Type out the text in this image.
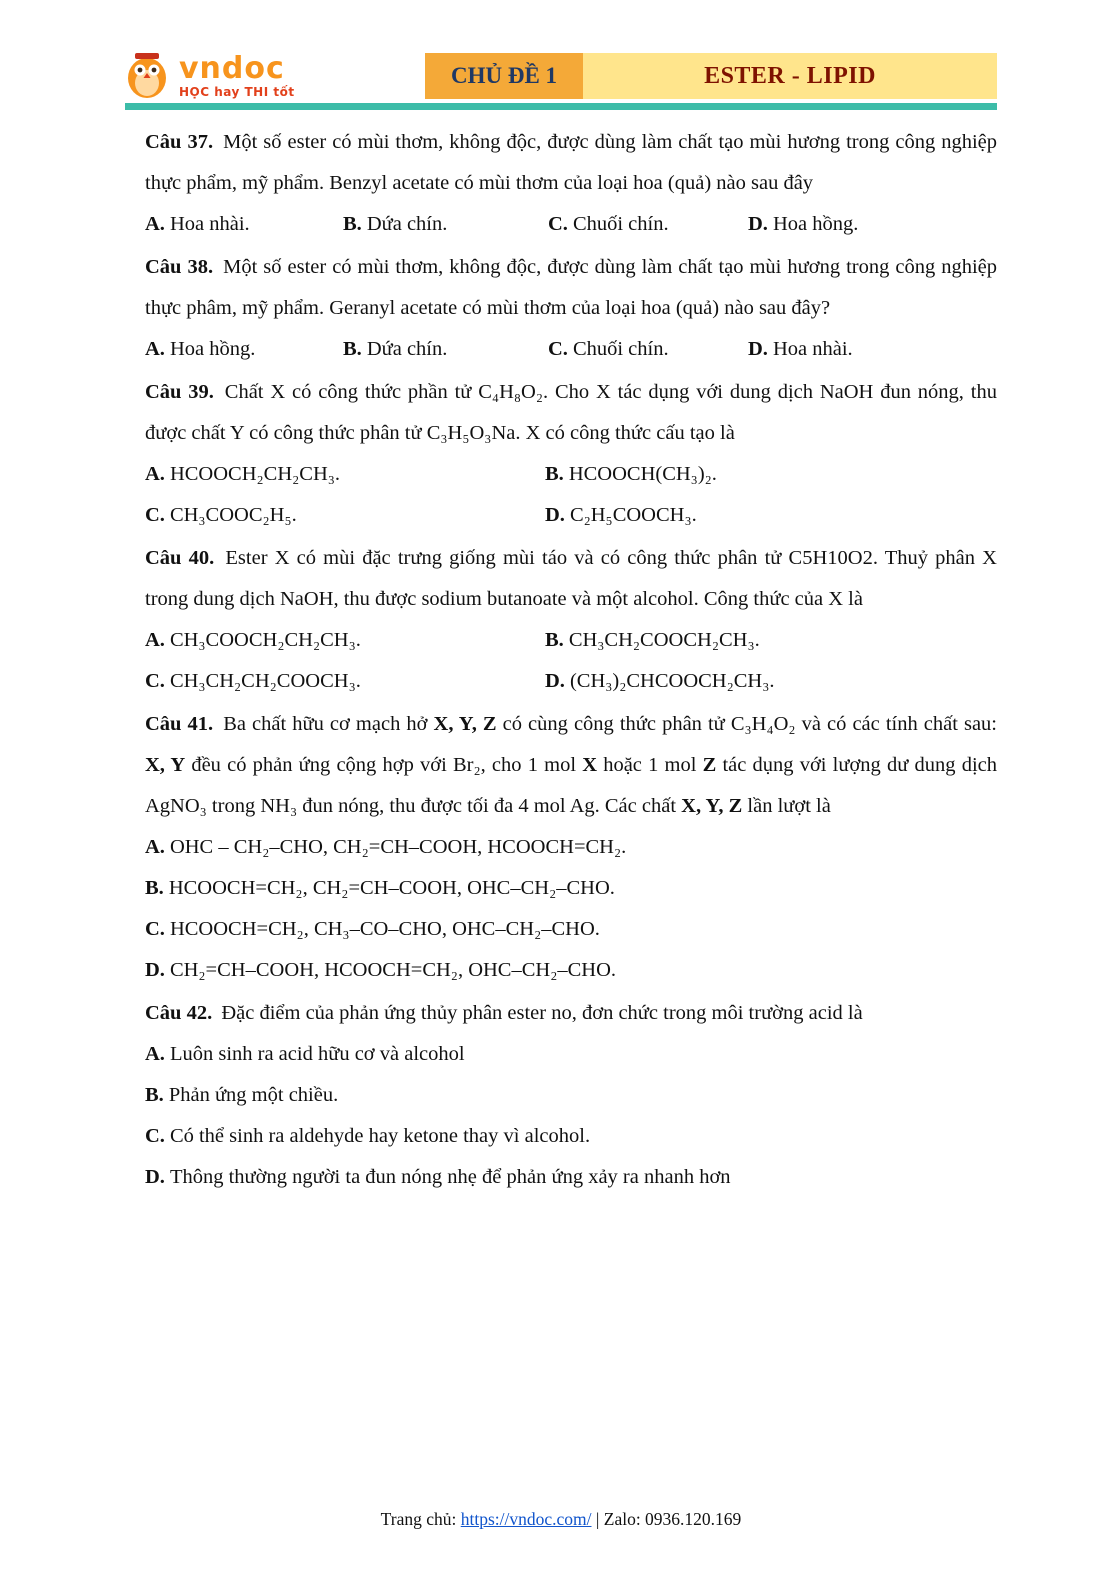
vndoc
HỌC hay THI tốt
CHỦ ĐỀ 1	ESTER - LIPID

Câu 37. Một số ester có mùi thơm, không độc, được dùng làm chất tạo mùi hương trong công nghiệp thực phẩm, mỹ phẩm. Benzyl acetate có mùi thơm của loại hoa (quả) nào sau đây

A. Hoa nhài.	B. Dứa chín.	C. Chuối chín.	D. Hoa hồng.

Câu 38. Một số ester có mùi thơm, không độc, được dùng làm chất tạo mùi hương trong công nghiệp thực phâm, mỹ phẩm. Geranyl acetate có mùi thơm của loại hoa (quả) nào sau đây?

A. Hoa hồng.	B. Dứa chín.	C. Chuối chín.	D. Hoa nhài.

Câu 39. Chất X có công thức phần tử C₄H₈O₂. Cho X tác dụng với dung dịch NaOH đun nóng, thu được chất Y có công thức phân tử C₃H₅O₃Na. X có công thức cấu tạo là

A. HCOOCH₂CH₂CH₃.	B. HCOOCH(CH₃)₂.
C. CH₃COOC₂H₅.	D. C₂H₅COOCH₃.

Câu 40. Ester X có mùi đặc trưng giống mùi táo và có công thức phân tử C5H10O2. Thuỷ phân X trong dung dịch NaOH, thu được sodium butanoate và một alcohol. Công thức của X là

A. CH₃COOCH₂CH₂CH₃.	B. CH₃CH₂COOCH₂CH₃.
C. CH₃CH₂CH₂COOCH₃.	D. (CH₃)₂CHCOOCH₂CH₃.

Câu 41. Ba chất hữu cơ mạch hở X, Y, Z có cùng công thức phân tử C₃H₄O₂ và có các tính chất sau: X, Y đều có phản ứng cộng hợp với Br₂, cho 1 mol X hoặc 1 mol Z tác dụng với lượng dư dung dịch AgNO₃ trong NH₃ đun nóng, thu được tối đa 4 mol Ag. Các chất X, Y, Z lần lượt là

A. OHC – CH₂–CHO, CH₂=CH–COOH, HCOOCH=CH₂.
B. HCOOCH=CH₂, CH₂=CH–COOH, OHC–CH₂–CHO.
C. HCOOCH=CH₂, CH₃–CO–CHO, OHC–CH₂–CHO.
D. CH₂=CH–COOH, HCOOCH=CH₂, OHC–CH₂–CHO.

Câu 42. Đặc điểm của phản ứng thủy phân ester no, đơn chức trong môi trường acid là

A. Luôn sinh ra acid hữu cơ và alcohol
B. Phản ứng một chiều.
C. Có thể sinh ra aldehyde hay ketone thay vì alcohol.
D. Thông thường người ta đun nóng nhẹ để phản ứng xảy ra nhanh hơn
Trang chủ: https://vndoc.com/ | Zalo: 0936.120.169
